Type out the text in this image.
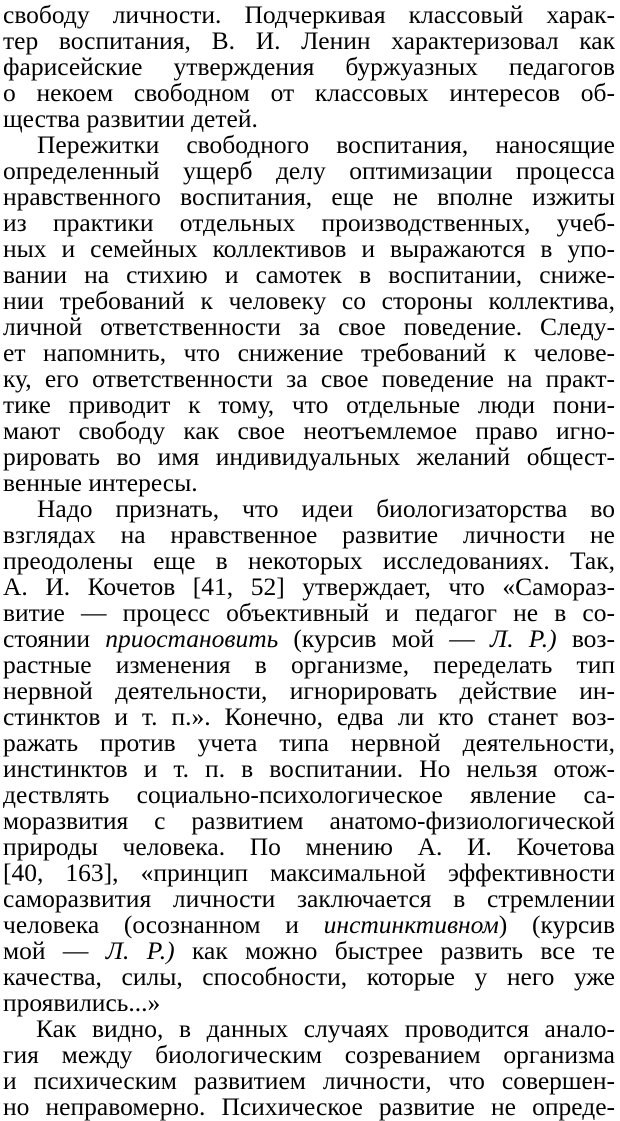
свободу личности. Подчеркивая классовый харак-
тер воспитания, В. И. Ленин характеризовал как
фарисейские утверждения буржуазных педагогов
о некоем свободном от классовых интересов об-
щества развитии детей.
Пережитки свободного воспитания, наносящие
определенный ущерб делу оптимизации процесса
нравственного воспитания, еще не вполне изжиты
из практики отдельных производственных, учеб-
ных и семейных коллективов и выражаются в упо-
вании на стихию и самотек в воспитании, сниже-
нии требований к человеку со стороны коллектива,
личной ответственности за свое поведение. Следу-
ет напомнить, что снижение требований к челове-
ку, его ответственности за свое поведение на практ-
тике приводит к тому, что отдельные люди пони-
мают свободу как свое неотъемлемое право игно-
рировать во имя индивидуальных желаний общест-
венные интересы.
Надо признать, что идеи биологизаторства во
взглядах на нравственное развитие личности не
преодолены еще в некоторых исследованиях. Так,
А. И. Кочетов [41, 52] утверждает, что «Самораз-
витие — процесс объективный и педагог не в со-
стоянии приостановить (курсив мой — Л. Р.) воз-
растные изменения в организме, переделать тип
нервной деятельности, игнорировать действие ин-
стинктов и т. п.». Конечно, едва ли кто станет воз-
ражать против учета типа нервной деятельности,
инстинктов и т. п. в воспитании. Но нельзя отож-
дествлять социально-психологическое явление са-
моразвития с развитием анатомо-физиологической
природы человека. По мнению А. И. Кочетова
[40, 163], «принцип максимальной эффективности
саморазвития личности заключается в стремлении
человека (осознанном и инстинктивном) (курсив
мой — Л. Р.) как можно быстрее развить все те
качества, силы, способности, которые у него уже
проявились...»
Как видно, в данных случаях проводится анало-
гия между биологическим созреванием организма
и психическим развитием личности, что совершен-
но неправомерно. Психическое развитие не опреде-
